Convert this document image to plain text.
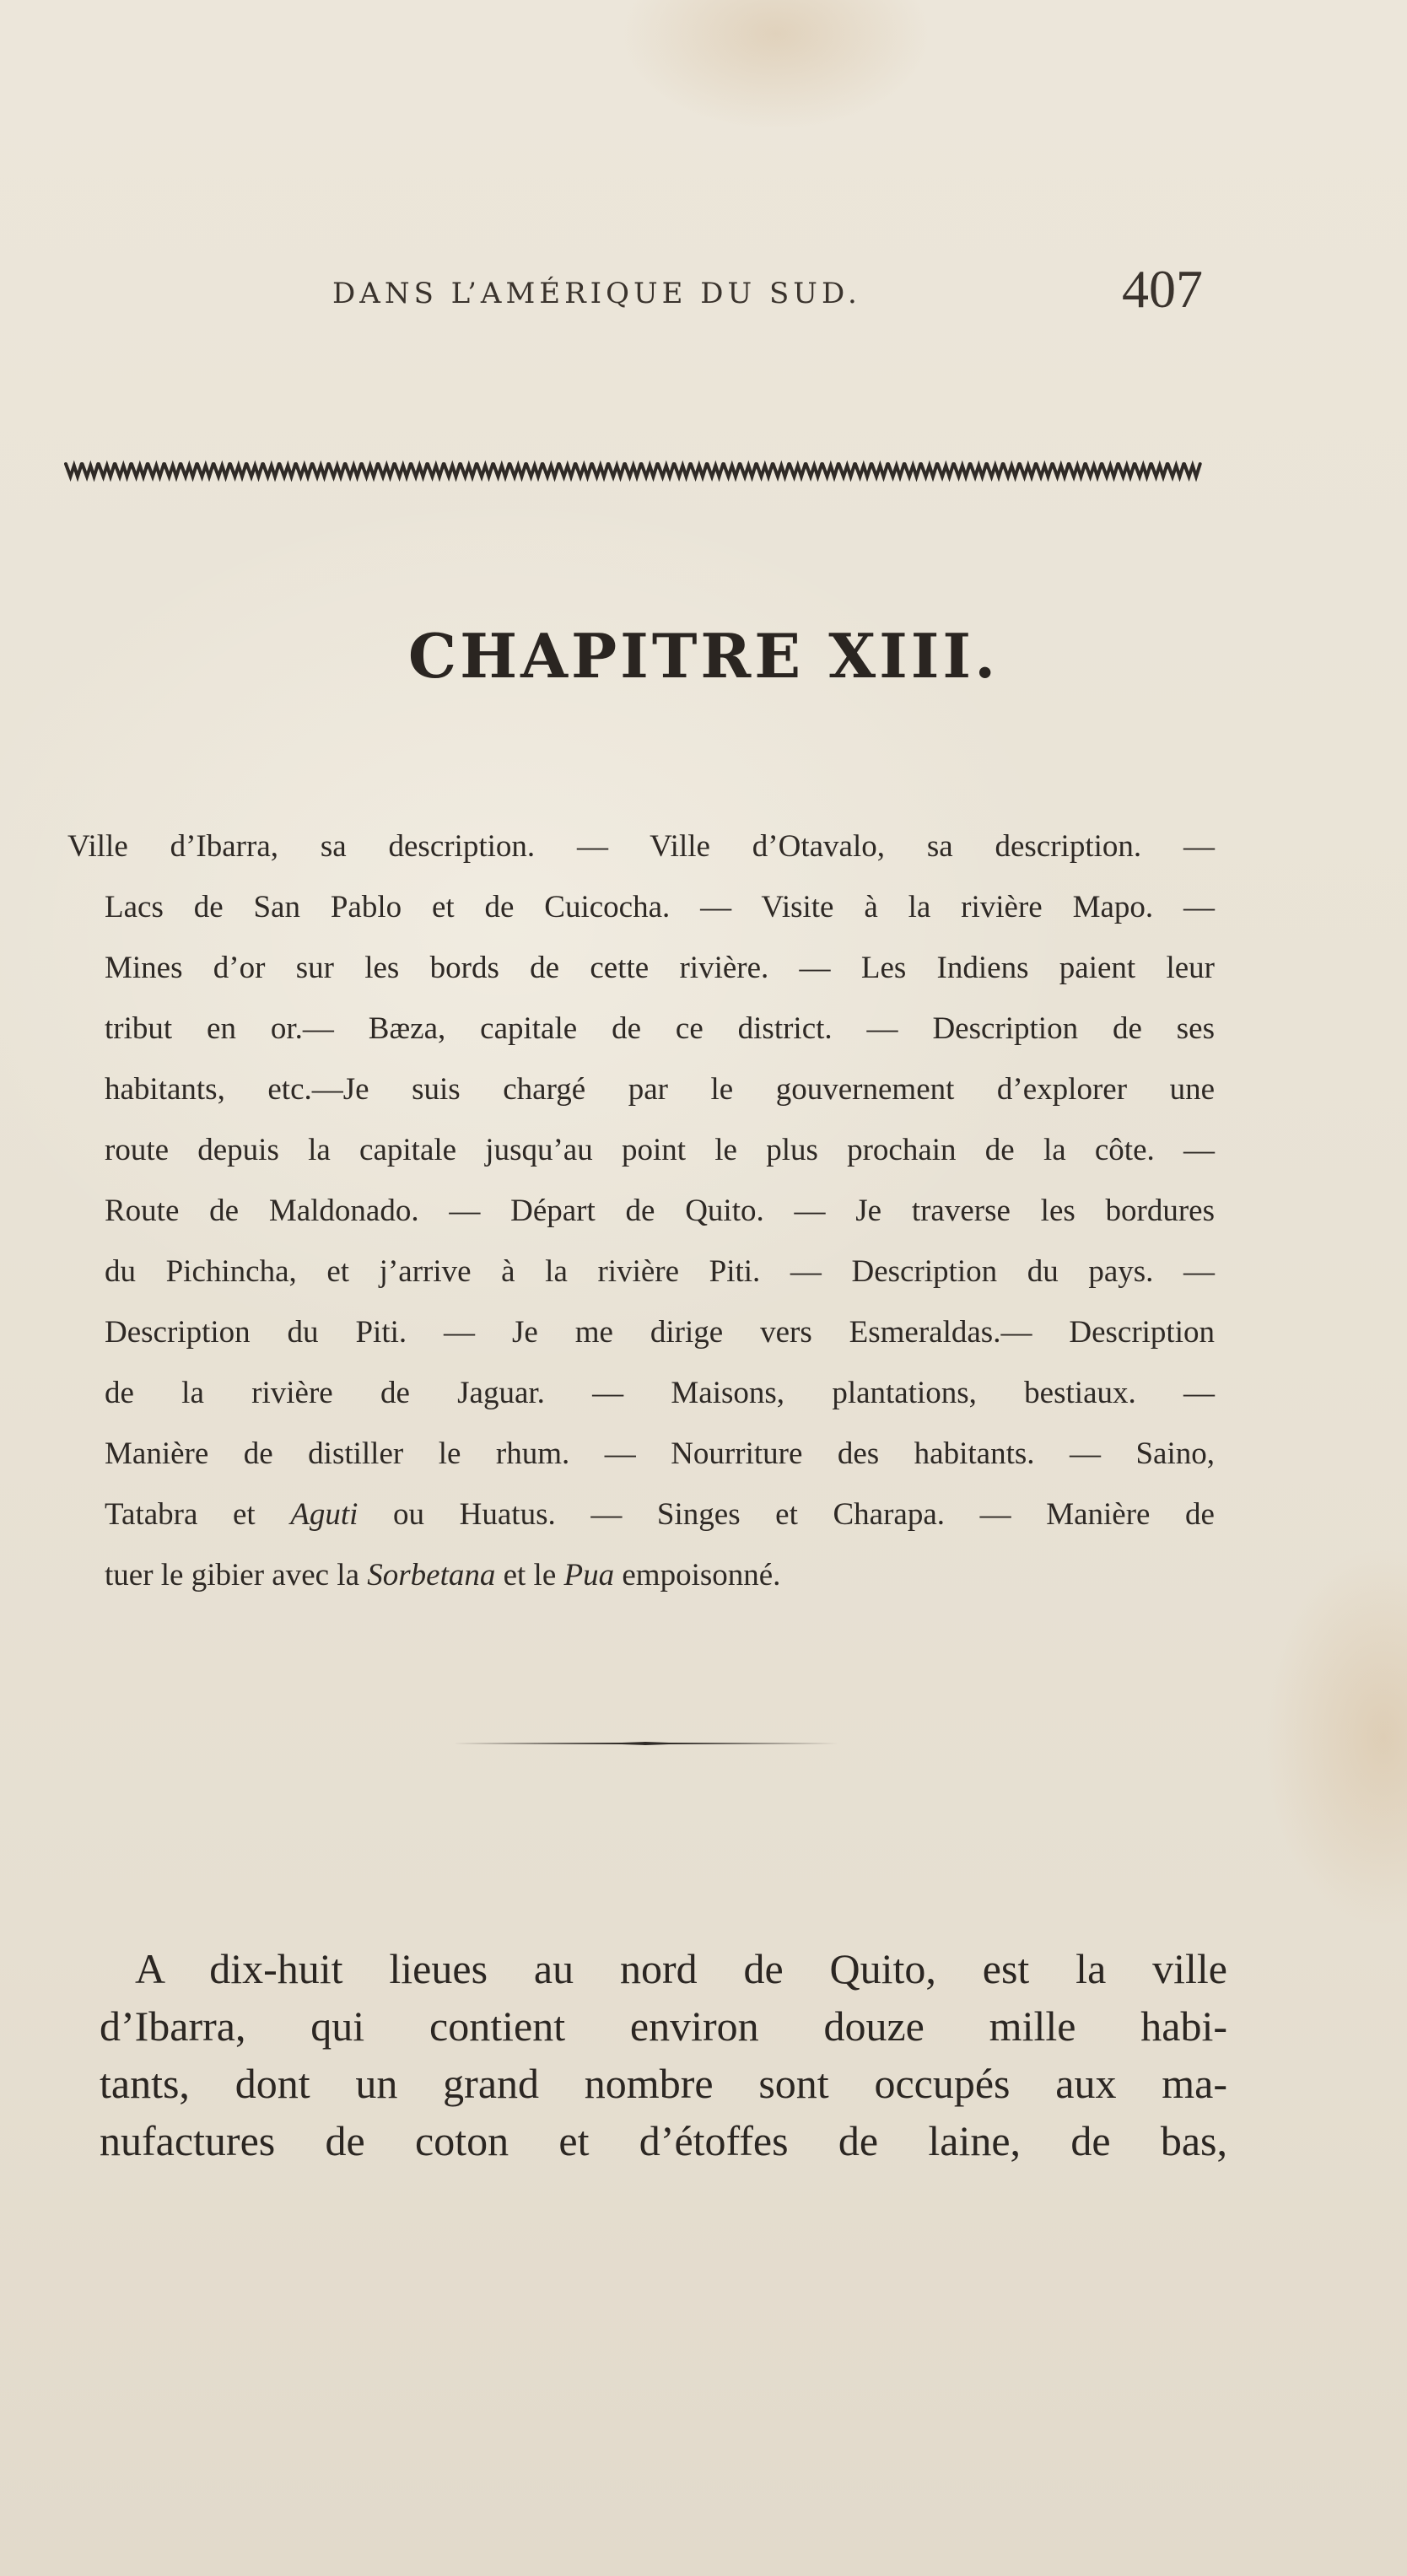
DANS L’AMÉRIQUE DU SUD.	407
CHAPITRE XIII.
Ville d’Ibarra, sa description. — Ville d’Otavalo, sa description. —
Lacs de San Pablo et de Cuicocha. — Visite à la rivière Mapo. —
Mines d’or sur les bords de cette rivière. — Les Indiens paient leur
tribut en or.— Bæza, capitale de ce district. — Description de ses
habitants, etc.—Je suis chargé par le gouvernement d’explorer une
route depuis la capitale jusqu’au point le plus prochain de la côte. —
Route de Maldonado. — Départ de Quito. — Je traverse les bordures
du Pichincha, et j’arrive à la rivière Piti. — Description du pays. —
Description du Piti. — Je me dirige vers Esmeraldas.— Description
de la rivière de Jaguar. — Maisons, plantations, bestiaux. —
Manière de distiller le rhum. — Nourriture des habitants. — Saino,
Tatabra et Aguti ou Huatus. — Singes et Charapa. — Manière de
tuer le gibier avec la Sorbetana et le Pua empoisonné.
A dix-huit lieues au nord de Quito, est la ville
d’Ibarra, qui contient environ douze mille habi-
tants, dont un grand nombre sont occupés aux ma-
nufactures de coton et d’étoffes de laine, de bas,
